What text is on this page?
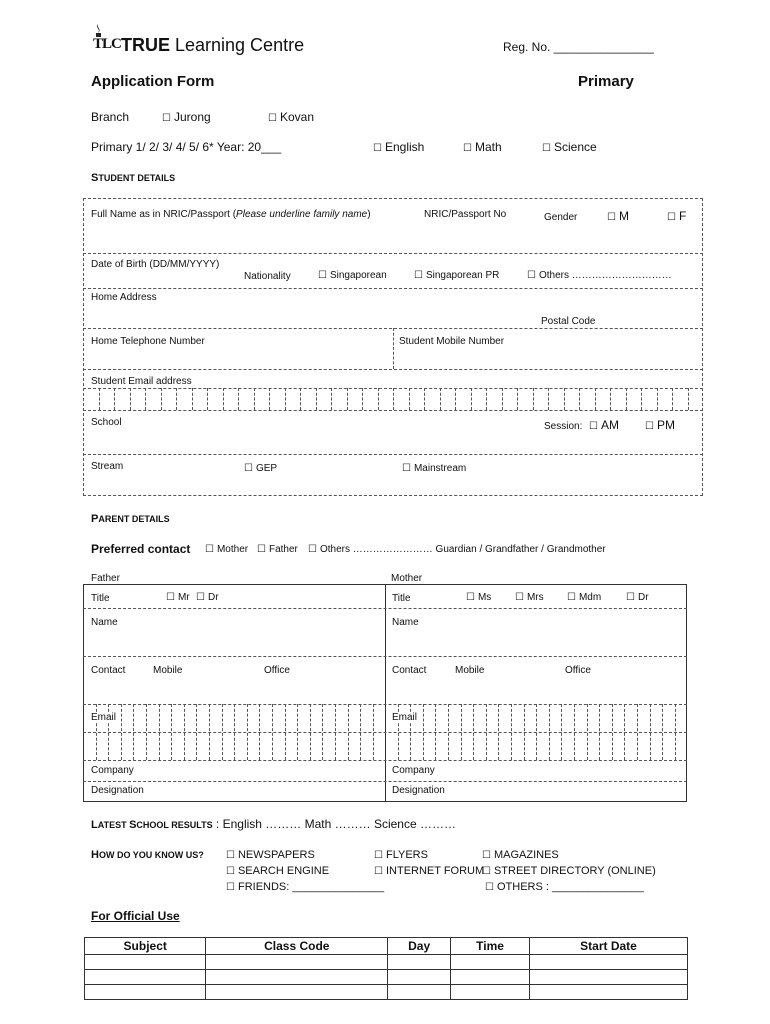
TLC TRUE Learning Centre	Reg. No. _______________
Application Form	Primary
Branch	☐ Jurong	☐ Kovan
Primary 1/ 2/ 3/ 4/ 5/ 6* Year: 20___	☐ English	☐ Math	☐ Science
STUDENT DETAILS
Full Name as in NRIC/Passport (Please underline family name)	NRIC/Passport No	Gender	☐ M	☐ F
Date of Birth (DD/MM/YYYY)
Nationality	☐ Singaporean	☐ Singaporean PR	☐ Others …………………………
Home Address
Postal Code
Home Telephone Number	Student Mobile Number
Student Email address
School	Session: ☐ AM	☐ PM
Stream	☐ GEP	☐ Mainstream
PARENT DETAILS
Preferred contact ☐ Mother ☐ Father ☐ Others …………………… Guardian / Grandfather / Grandmother
Father	Mother
Title	☐ Mr ☐ Dr
Name
Contact	Mobile	Office
Email
Company
Designation
Title	☐ Ms ☐ Mrs ☐ Mdm ☐ Dr
Name
Contact	Mobile	Office
Email
Company
Designation
LATEST SCHOOL RESULTS : English ……… Math ……… Science ………
HOW DO YOU KNOW US? ☐ NEWSPAPERS
☐ SEARCH ENGINE
☐ FRIENDS: _______________
☐ FLYERS
☐ INTERNET FORUM
☐ MAGAZINES
☐ STREET DIRECTORY (ONLINE)
☐ OTHERS : _______________
For Official Use
Subject	Class Code	Day	Time	Start Date
